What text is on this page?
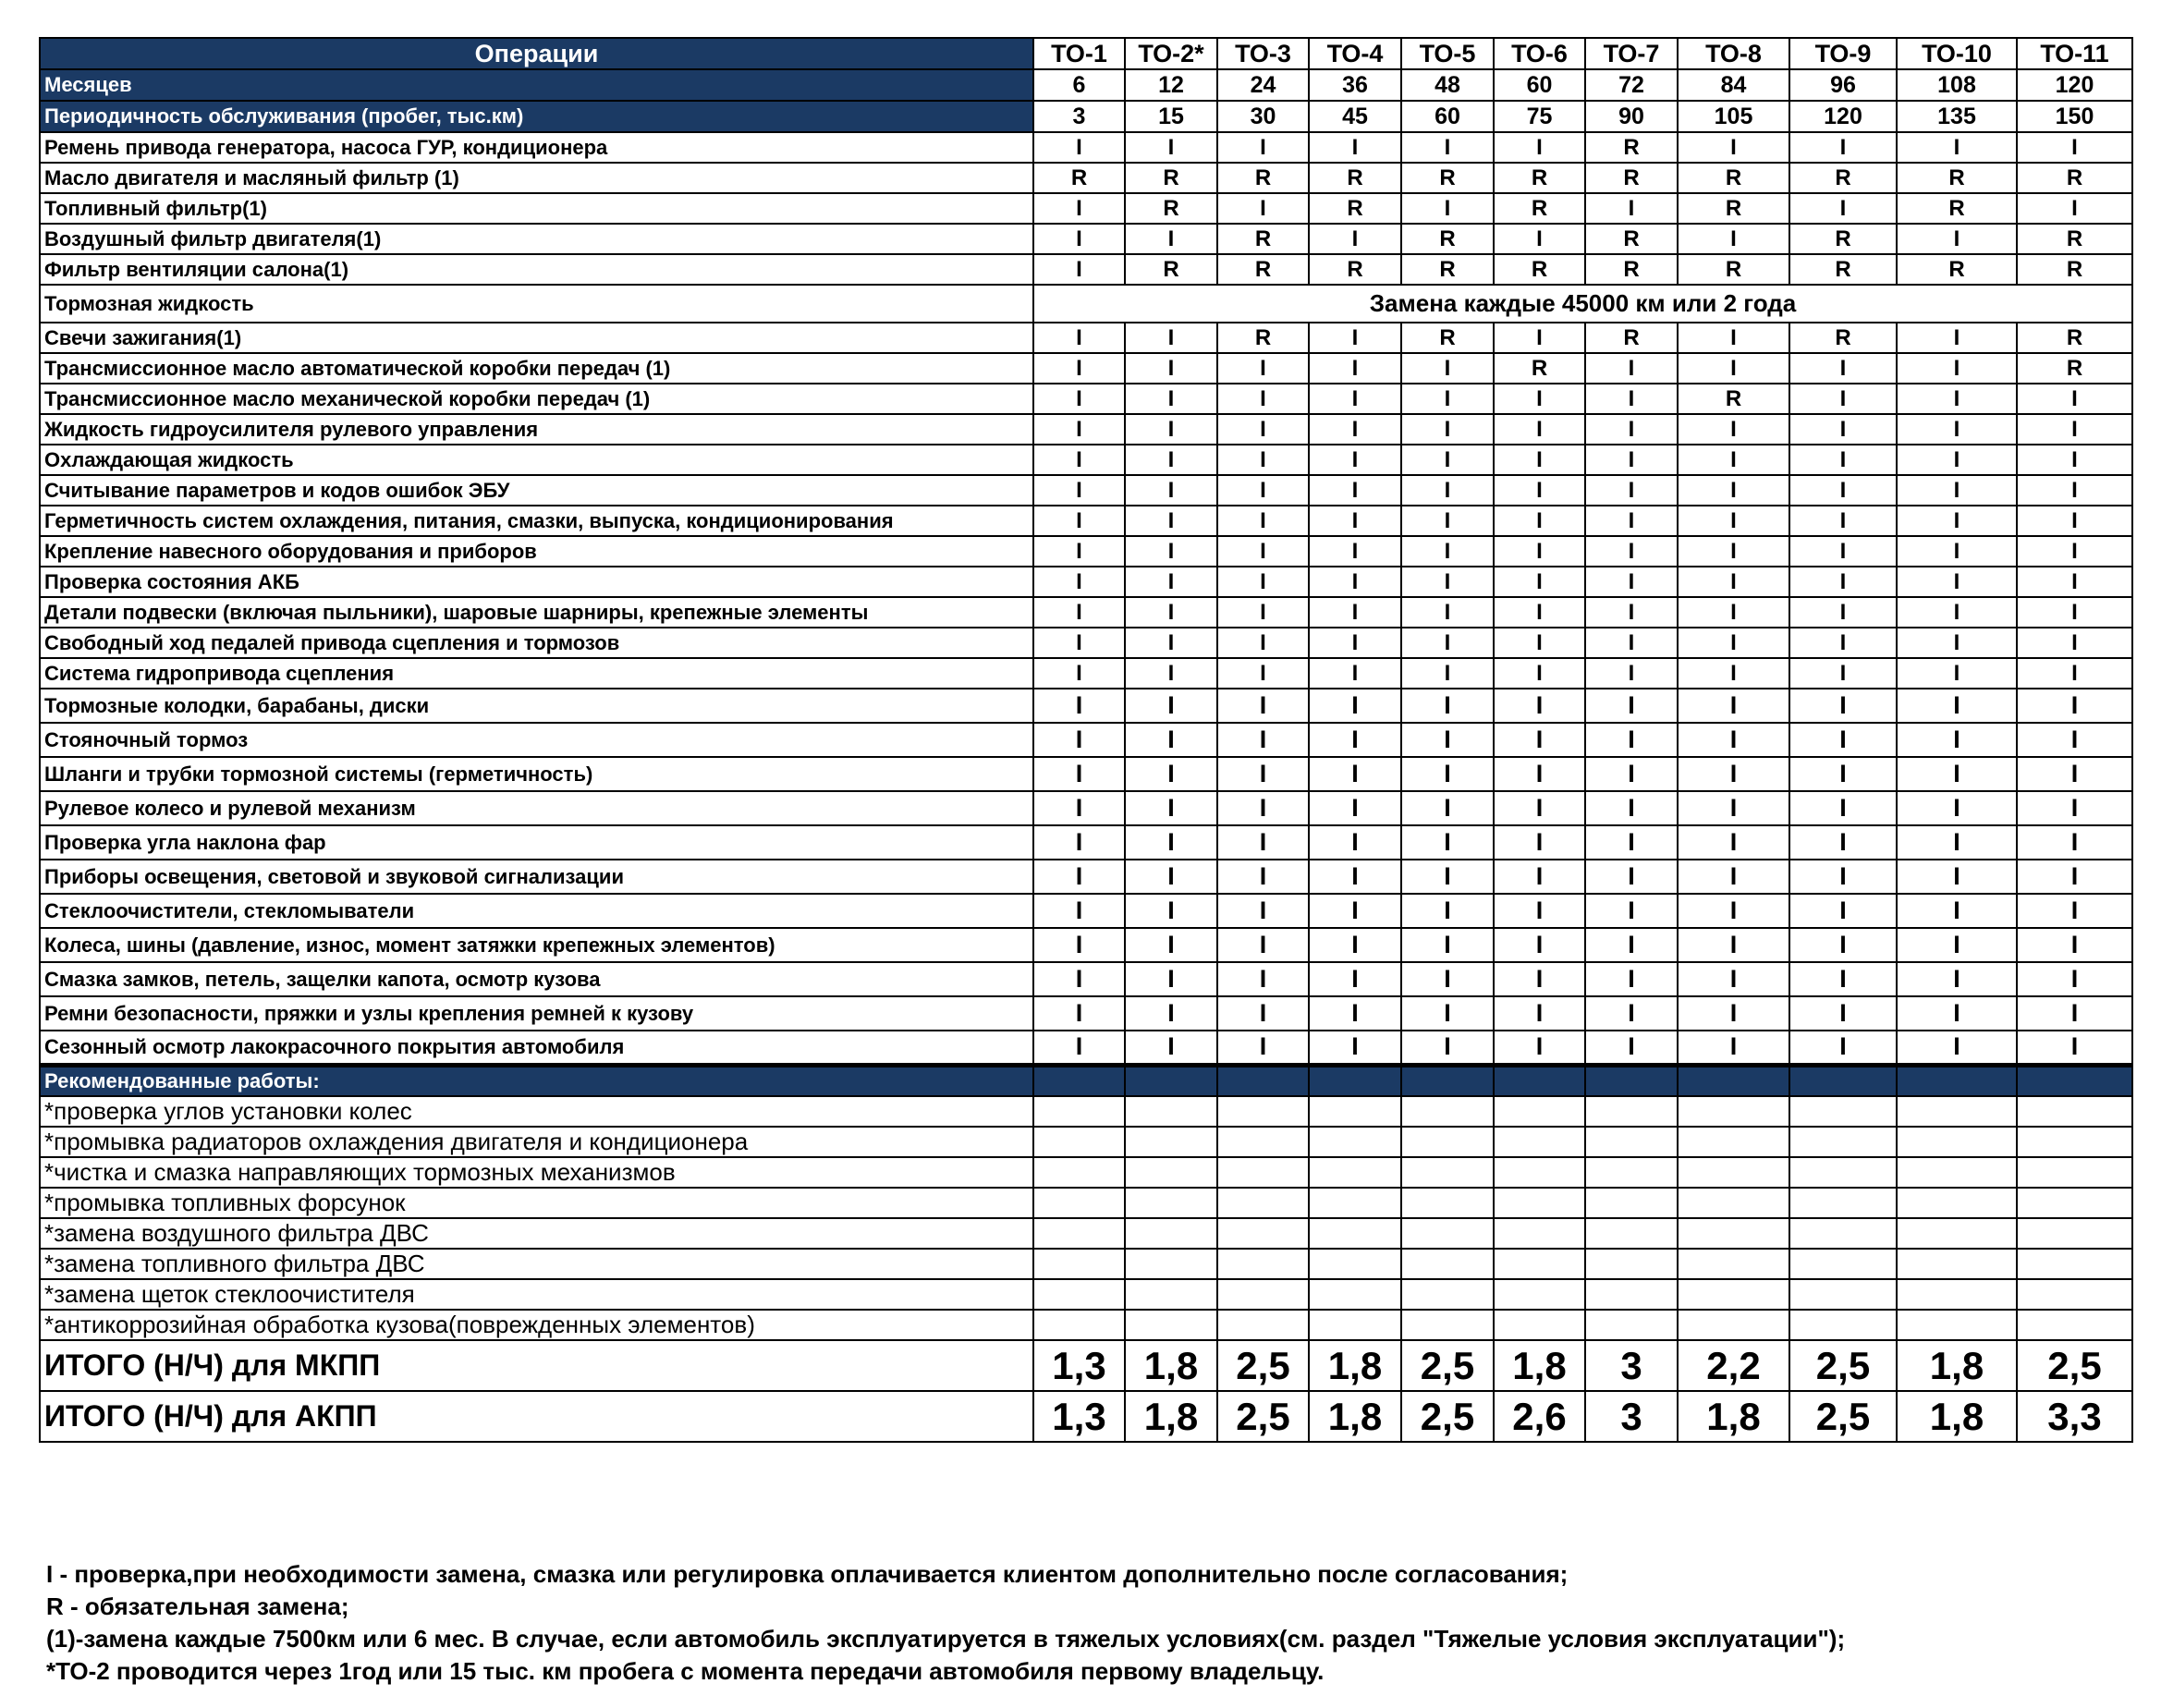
Операции	ТО-1	ТО-2*	ТО-3	ТО-4	ТО-5	ТО-6	ТО-7	ТО-8	ТО-9	ТО-10	ТО-11
Месяцев	6	12	24	36	48	60	72	84	96	108	120
Периодичность обслуживания (пробег, тыс.км)	3	15	30	45	60	75	90	105	120	135	150
Ремень привода генератора, насоса ГУР, кондиционера	I	I	I	I	I	I	R	I	I	I	I
Масло двигателя и масляный фильтр (1)	R	R	R	R	R	R	R	R	R	R	R
Топливный фильтр(1)	I	R	I	R	I	R	I	R	I	R	I
Воздушный фильтр двигателя(1)	I	I	R	I	R	I	R	I	R	I	R
Фильтр вентиляции салона(1)	I	R	R	R	R	R	R	R	R	R	R
Тормозная жидкость	Замена каждые 45000 км или 2 года										
Свечи зажигания(1)	I	I	R	I	R	I	R	I	R	I	R
Трансмиссионное масло автоматической коробки передач (1)	I	I	I	I	I	R	I	I	I	I	R
Трансмиссионное масло механической коробки передач (1)	I	I	I	I	I	I	I	R	I	I	I
Жидкость гидроусилителя рулевого управления	I	I	I	I	I	I	I	I	I	I	I
Охлаждающая жидкость	I	I	I	I	I	I	I	I	I	I	I
Считывание параметров и кодов ошибок ЭБУ	I	I	I	I	I	I	I	I	I	I	I
Герметичность систем охлаждения, питания, смазки, выпуска, кондиционирования	I	I	I	I	I	I	I	I	I	I	I
Крепление навесного оборудования и приборов	I	I	I	I	I	I	I	I	I	I	I
Проверка состояния АКБ	I	I	I	I	I	I	I	I	I	I	I
Детали подвески (включая пыльники), шаровые шарниры, крепежные элементы	I	I	I	I	I	I	I	I	I	I	I
Свободный ход педалей привода сцепления и тормозов	I	I	I	I	I	I	I	I	I	I	I
Система гидропривода сцепления	I	I	I	I	I	I	I	I	I	I	I
Тормозные колодки, барабаны, диски	I	I	I	I	I	I	I	I	I	I	I
Стояночный тормоз	I	I	I	I	I	I	I	I	I	I	I
Шланги и трубки тормозной системы (герметичность)	I	I	I	I	I	I	I	I	I	I	I
Рулевое колесо и рулевой механизм	I	I	I	I	I	I	I	I	I	I	I
Проверка угла наклона фар	I	I	I	I	I	I	I	I	I	I	I
Приборы освещения, световой и звуковой сигнализации	I	I	I	I	I	I	I	I	I	I	I
Стеклоочистители, стекломыватели	I	I	I	I	I	I	I	I	I	I	I
Колеса, шины (давление, износ, момент затяжки крепежных элементов)	I	I	I	I	I	I	I	I	I	I	I
Смазка замков, петель, защелки капота, осмотр кузова	I	I	I	I	I	I	I	I	I	I	I
Ремни безопасности, пряжки и узлы крепления ремней к кузову	I	I	I	I	I	I	I	I	I	I	I
Сезонный осмотр лакокрасочного покрытия автомобиля	I	I	I	I	I	I	I	I	I	I	I
Рекомендованные работы:											
*проверка углов установки колес											
*промывка радиаторов охлаждения двигателя и кондиционера											
*чистка и смазка направляющих тормозных механизмов											
*промывка топливных форсунок											
*замена воздушного фильтра ДВС											
*замена топливного фильтра ДВС											
*замена щеток стеклоочистителя											
*антикоррозийная обработка кузова(поврежденных элементов)											
ИТОГО (Н/Ч) для МКПП	1,3	1,8	2,5	1,8	2,5	1,8	3	2,2	2,5	1,8	2,5
ИТОГО (Н/Ч) для АКПП	1,3	1,8	2,5	1,8	2,5	2,6	3	1,8	2,5	1,8	3,3
I - проверка,при необходимости замена, смазка или регулировка оплачивается клиентом дополнительно после согласования;
R - обязательная замена;
(1)-замена каждые 7500км или 6 мес. В случае, если автомобиль эксплуатируется в тяжелых условиях(см. раздел "Тяжелые условия эксплуатации");
*ТО-2 проводится через 1год или 15 тыс. км пробега с момента передачи автомобиля первому владельцу.
